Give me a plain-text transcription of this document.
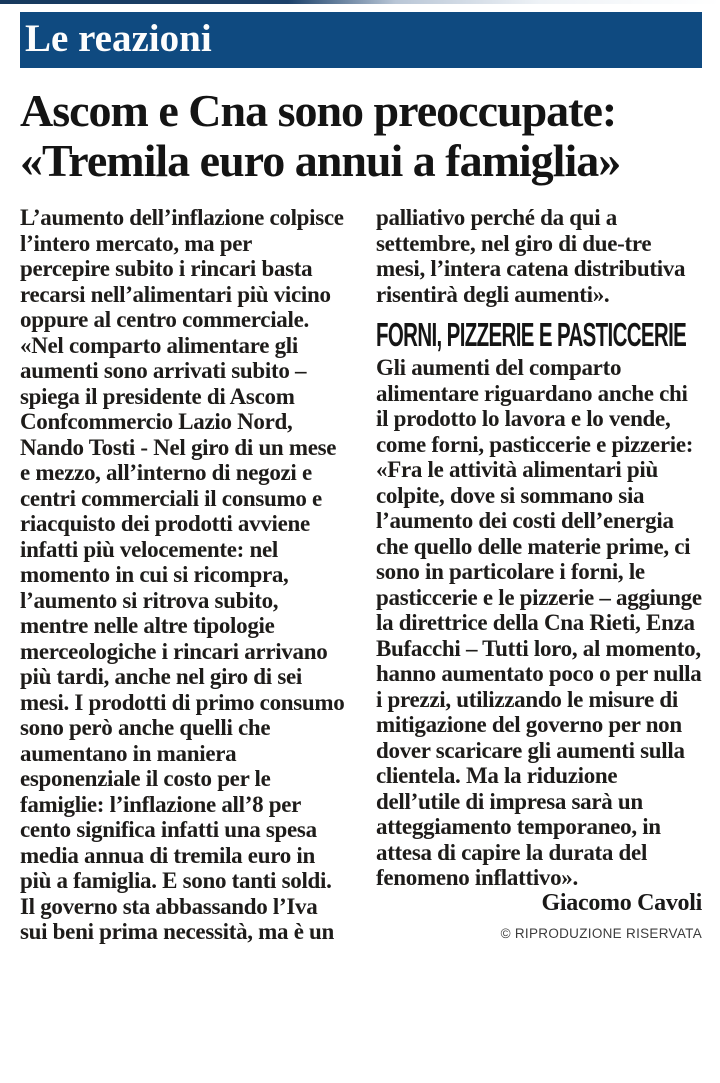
Le reazioni
Ascom e Cna sono preoccupate:
«Tremila euro annui a famiglia»

L’aumento dell’inflazione colpisce l’intero mercato, ma per percepire subito i rincari basta recarsi nell’alimentari più vicino oppure al centro commerciale.

«Nel comparto alimentare gli aumenti sono arrivati subito – spiega il presidente di Ascom Confcommercio Lazio Nord, Nando Tosti - Nel giro di un mese e mezzo, all’interno di negozi e centri commerciali il consumo e riacquisto dei prodotti avviene infatti più velocemente: nel momento in cui si ricompra, l’aumento si ritrova subito, mentre nelle altre tipologie merceologiche i rincari arrivano più tardi, anche nel giro di sei mesi. I prodotti di primo consumo sono però anche quelli che aumentano in maniera esponenziale il costo per le famiglie: l’inflazione all’8 per cento significa infatti una spesa media annua di tremila euro in più a famiglia. E sono tanti soldi. Il governo sta abbassando l’Iva sui beni prima necessità, ma è un

palliativo perché da qui a settembre, nel giro di due-tre mesi, l’intera catena distributiva risentirà degli aumenti».

FORNI, PIZZERIE E PASTICCERIE

Gli aumenti del comparto alimentare riguardano anche chi il prodotto lo lavora e lo vende, come forni, pasticcerie e pizzerie: «Fra le attività alimentari più colpite, dove si sommano sia l’aumento dei costi dell’energia che quello delle materie prime, ci sono in particolare i forni, le pasticcerie e le pizzerie – aggiunge la direttrice della Cna Rieti, Enza Bufacchi – Tutti loro, al momento, hanno aumentato poco o per nulla i prezzi, utilizzando le misure di mitigazione del governo per non dover scaricare gli aumenti sulla clientela. Ma la riduzione dell’utile di impresa sarà un atteggiamento temporaneo, in attesa di capire la durata del fenomeno inflattivo».

Giacomo Cavoli
© RIPRODUZIONE RISERVATA
